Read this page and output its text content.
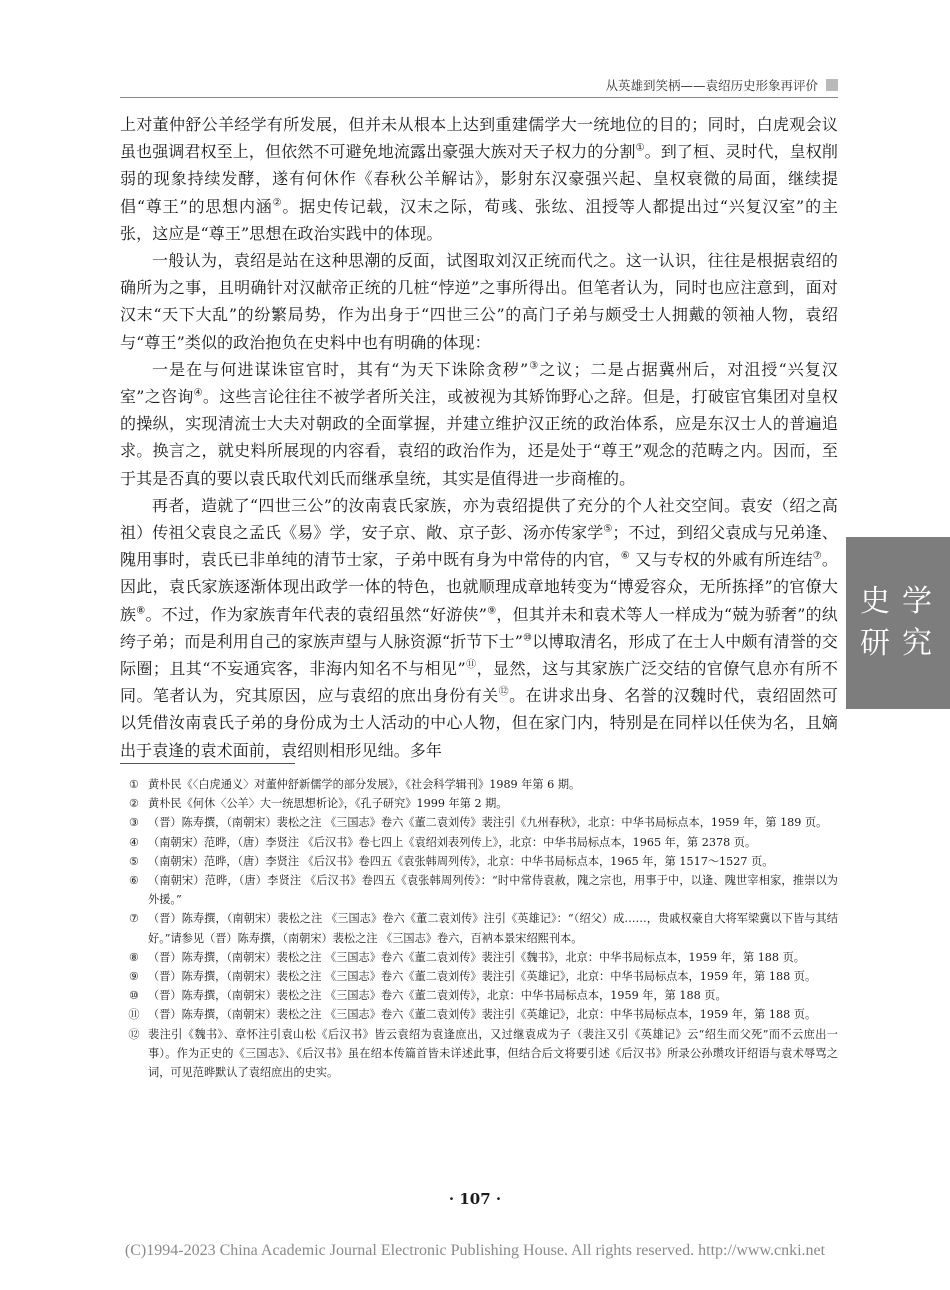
从英雄到笑柄——袁绍历史形象再评价

上对董仲舒公羊经学有所发展，但并未从根本上达到重建儒学大一统地位的目的；同时，白虎观会议虽也强调君权至上，但依然不可避免地流露出豪强大族对天子权力的分割①。到了桓、灵时代，皇权削弱的现象持续发酵，遂有何休作《春秋公羊解诂》，影射东汉豪强兴起、皇权衰微的局面，继续提倡“尊王”的思想内涵②。据史传记载，汉末之际，荀彧、张纮、沮授等人都提出过“兴复汉室”的主张，这应是“尊王”思想在政治实践中的体现。

一般认为，袁绍是站在这种思潮的反面，试图取刘汉正统而代之。这一认识，往往是根据袁绍的确所为之事，且明确针对汉献帝正统的几桩“悖逆”之事所得出。但笔者认为，同时也应注意到，面对汉末“天下大乱”的纷繁局势，作为出身于“四世三公”的高门子弟与颇受士人拥戴的领袖人物，袁绍与“尊王”类似的政治抱负在史料中也有明确的体现：

一是在与何进谋诛宦官时，其有“为天下诛除贪秽”③之议；二是占据冀州后，对沮授“兴复汉室”之咨询④。这些言论往往不被学者所关注，或被视为其矫饰野心之辞。但是，打破宦官集团对皇权的操纵，实现清流士大夫对朝政的全面掌握，并建立维护汉正统的政治体系，应是东汉士人的普遍追求。换言之，就史料所展现的内容看，袁绍的政治作为，还是处于“尊王”观念的范畴之内。因而，至于其是否真的要以袁氏取代刘氏而继承皇统，其实是值得进一步商榷的。

再者，造就了“四世三公”的汝南袁氏家族，亦为袁绍提供了充分的个人社交空间。袁安（绍之高祖）传祖父袁良之孟氏《易》学，安子京、敞、京子彭、汤亦传家学⑤；不过，到绍父袁成与兄弟逢、隗用事时，袁氏已非单纯的清节士家，子弟中既有身为中常侍的内官，⑥ 又与专权的外戚有所连结⑦。因此，袁氏家族逐渐体现出政学一体的特色，也就顺理成章地转变为“博爱容众，无所拣择”的官僚大族⑧。不过，作为家族青年代表的袁绍虽然“好游侠”⑨，但其并未和袁术等人一样成为“兢为骄奢”的纨绔子弟；而是利用自己的家族声望与人脉资源“折节下士”⑩以博取清名，形成了在士人中颇有清誉的交际圈；且其“不妄通宾客，非海内知名不与相见”⑪，显然，这与其家族广泛交结的官僚气息亦有所不同。笔者认为，究其原因，应与袁绍的庶出身份有关⑫。在讲求出身、名誉的汉魏时代，袁绍固然可以凭借汝南袁氏子弟的身份成为士人活动的中心人物，但在家门内，特别是在同样以任侠为名，且嫡出于袁逢的袁术面前，袁绍则相形见绌。多年

史 学
研 究
① 黄朴民《〈白虎通义〉对董仲舒新儒学的部分发展》，《社会科学辑刊》1989 年第 6 期。
② 黄朴民《何休〈公羊〉大一统思想析论》，《孔子研究》1999 年第 2 期。
③ （晋）陈寿撰，（南朝宋）裴松之注 《三国志》卷六《董二袁刘传》裴注引《九州春秋》，北京：中华书局标点本，1959 年，第 189 页。
④ （南朝宋）范晔，（唐）李贤注 《后汉书》卷七四上《袁绍刘表列传上》，北京：中华书局标点本，1965 年，第 2378 页。
⑤ （南朝宋）范晔，（唐）李贤注 《后汉书》卷四五《袁张韩周列传》，北京：中华书局标点本，1965 年，第 1517～1527 页。
⑥ （南朝宋）范晔，（唐）李贤注 《后汉书》卷四五《袁张韩周列传》：“时中常侍袁赦，隗之宗也，用事于中，以逢、隗世宰相家，推崇以为外援。”
⑦ （晋）陈寿撰，（南朝宋）裴松之注 《三国志》卷六《董二袁刘传》注引《英雄记》：“（绍父）成……，贵戚权豪自大将军梁冀以下皆与其结好。”请参见（晋）陈寿撰，（南朝宋）裴松之注 《三国志》卷六，百衲本景宋绍熙刊本。
⑧ （晋）陈寿撰，（南朝宋）裴松之注 《三国志》卷六《董二袁刘传》裴注引《魏书》，北京：中华书局标点本，1959 年，第 188 页。
⑨ （晋）陈寿撰，（南朝宋）裴松之注 《三国志》卷六《董二袁刘传》裴注引《英雄记》，北京：中华书局标点本，1959 年，第 188 页。
⑩ （晋）陈寿撰，（南朝宋）裴松之注 《三国志》卷六《董二袁刘传》，北京：中华书局标点本，1959 年，第 188 页。
⑪ （晋）陈寿撰，（南朝宋）裴松之注 《三国志》卷六《董二袁刘传》裴注引《英雄记》，北京：中华书局标点本，1959 年，第 188 页。
⑫ 裴注引《魏书》、章怀注引袁山松《后汉书》皆云袁绍为袁逢庶出，又过继袁成为子（裴注又引《英雄记》云“绍生而父死”而不云庶出一事）。作为正史的《三国志》、《后汉书》虽在绍本传篇首皆未详述此事，但结合后文将要引述《后汉书》所录公孙瓒攻讦绍语与袁术辱骂之词，可见范晔默认了袁绍庶出的史实。
· 107 ·
(C)1994-2023 China Academic Journal Electronic Publishing House. All rights reserved. http://www.cnki.net
